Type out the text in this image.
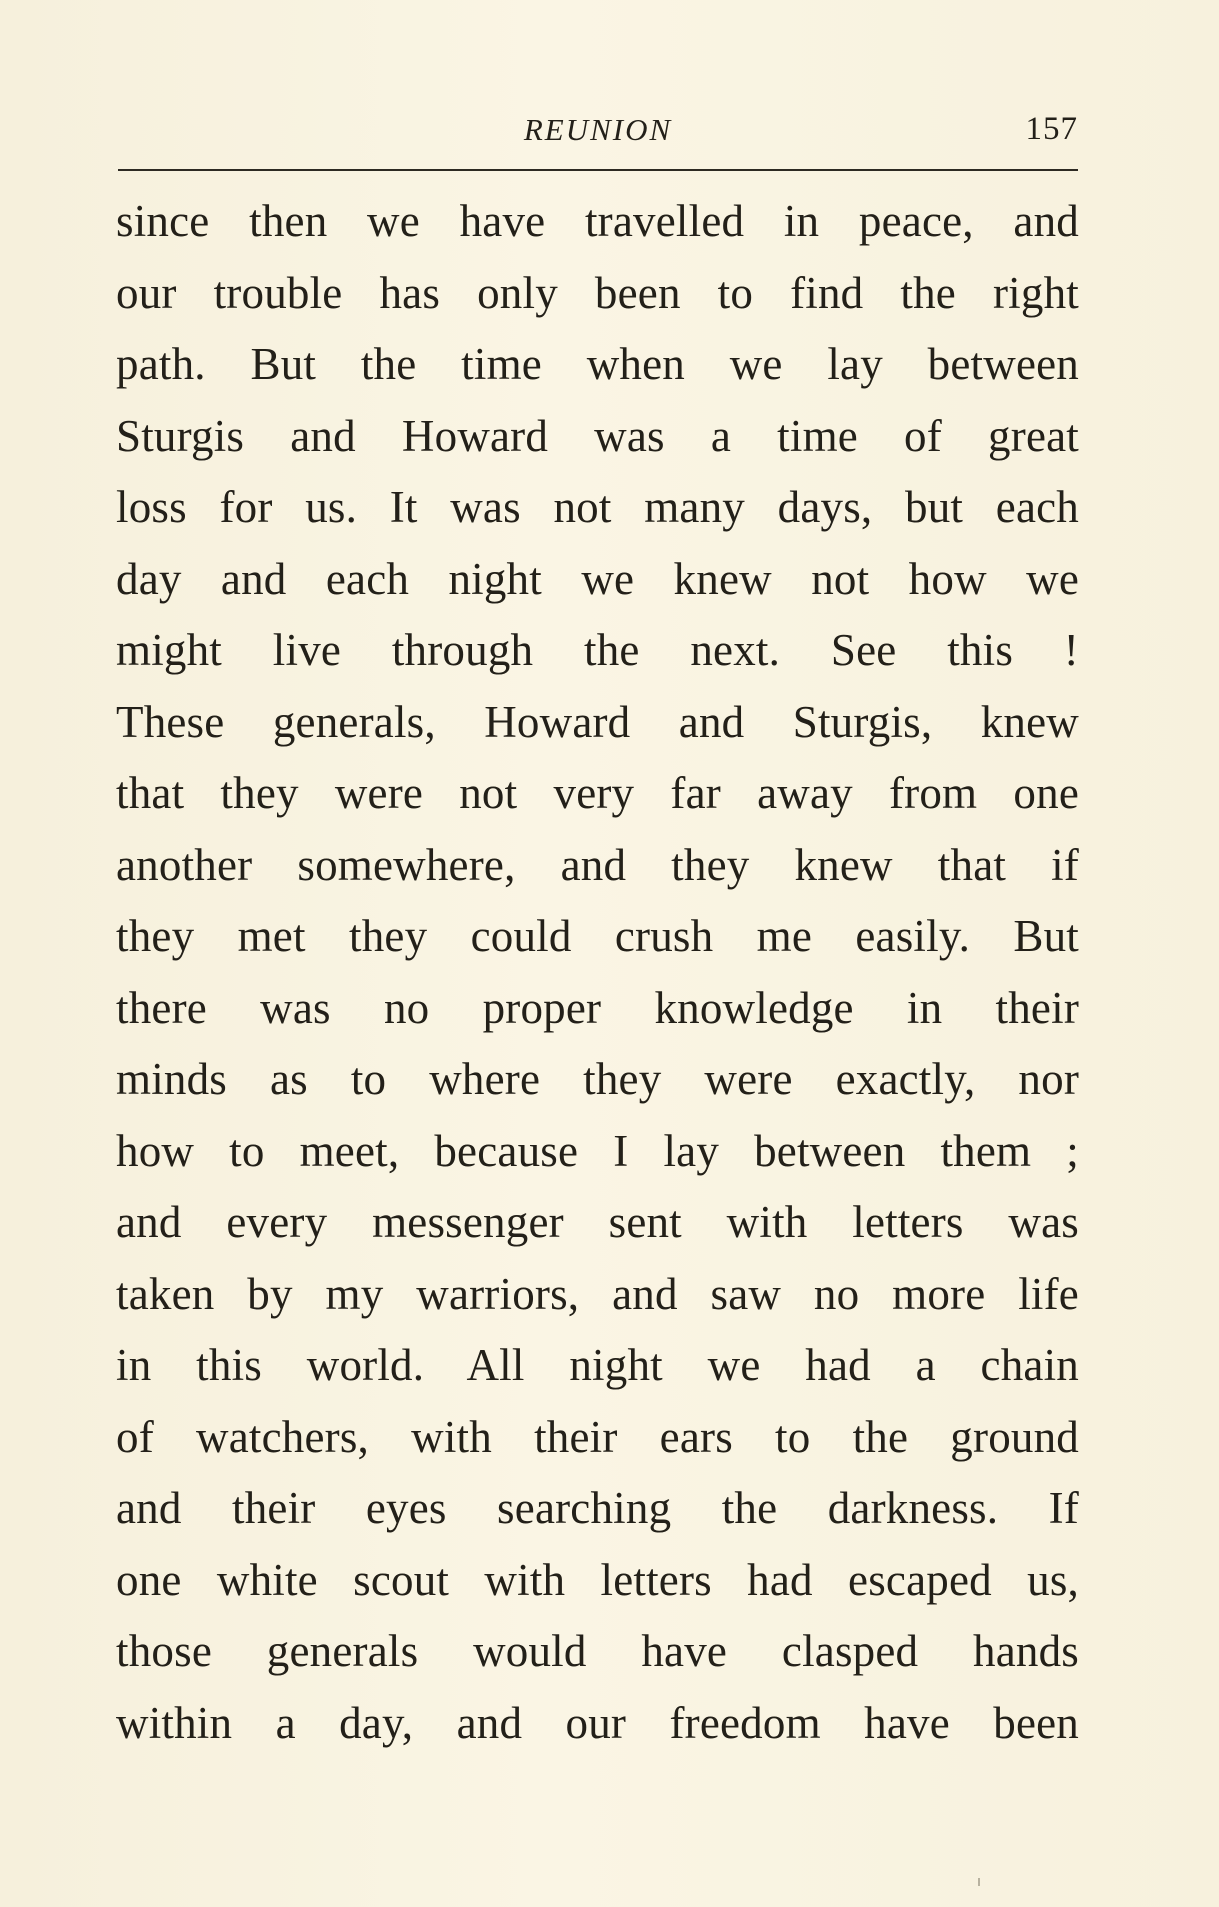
REUNION	157
since then we have travelled in peace, and
our trouble has only been to find the right
path. But the time when we lay between
Sturgis and Howard was a time of great
loss for us. It was not many days, but each
day and each night we knew not how we
might live through the next. See this !
These generals, Howard and Sturgis, knew
that they were not very far away from one
another somewhere, and they knew that if
they met they could crush me easily. But
there was no proper knowledge in their
minds as to where they were exactly, nor
how to meet, because I lay between them ;
and every messenger sent with letters was
taken by my warriors, and saw no more life
in this world. All night we had a chain
of watchers, with their ears to the ground
and their eyes searching the darkness. If
one white scout with letters had escaped us,
those generals would have clasped hands
within a day, and our freedom have been
